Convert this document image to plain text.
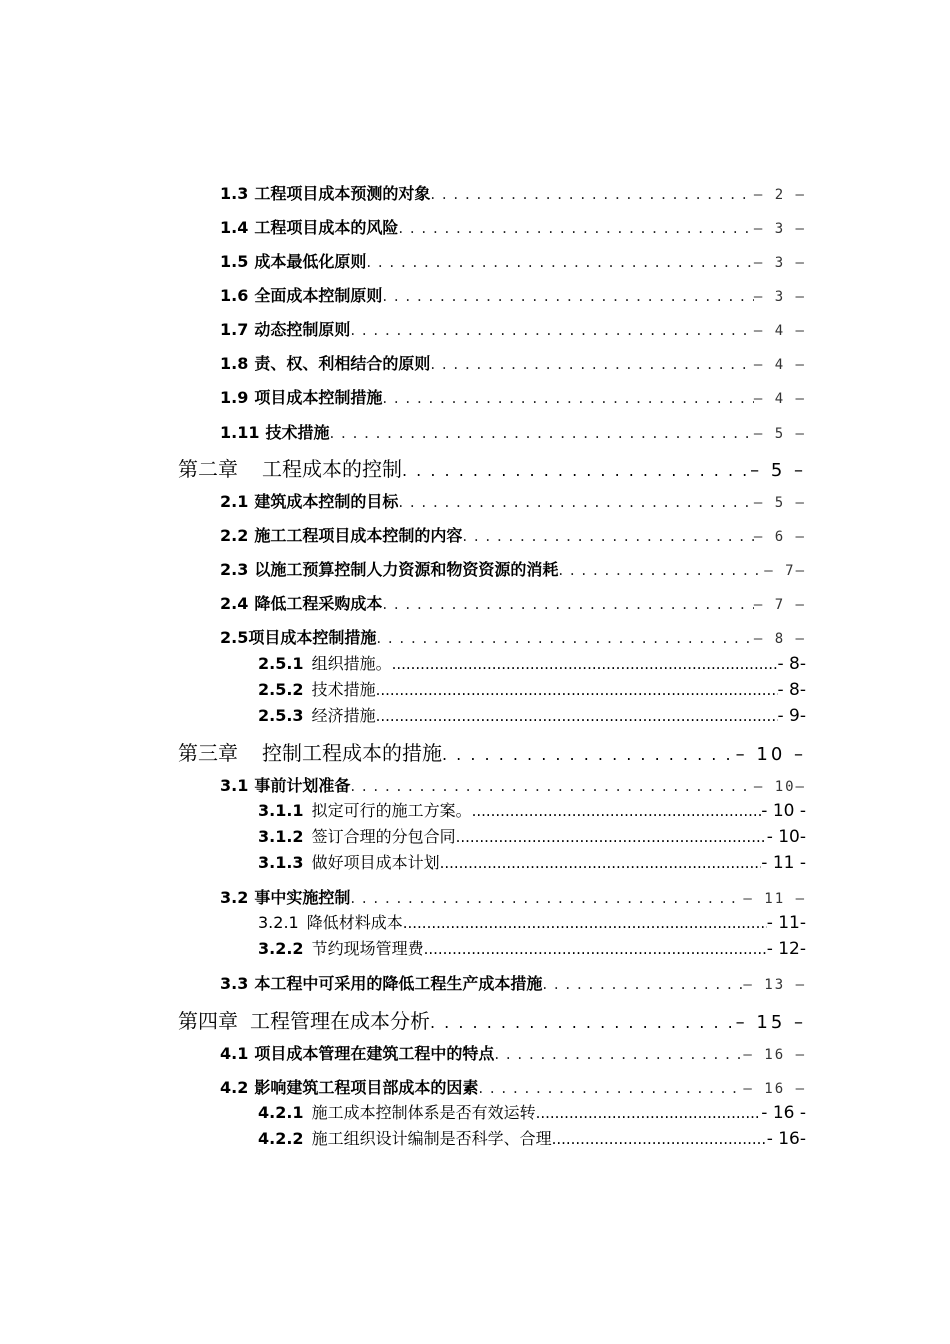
1.3 工程项目成本预测的对象 . . .	– 2 –
1.4 工程项目成本的风险 . . .	– 3 –
1.5 成本最低化原则 . . .	– 3 –
1.6 全面成本控制原则 . . .	– 3 –
1.7 动态控制原则 . . .	– 4 –
1.8 责、权、利相结合的原则 . . .	– 4 –
1.9 项目成本控制措施 . . .	– 4 –
1.11 技术措施 . . .	– 5 –
第二章 工程成本的控制 . . .	– 5 –
2.1 建筑成本控制的目标 . . .	– 5 –
2.2 施工工程项目成本控制的内容 . . .	– 6 –
2.3 以施工预算控制人力资源和物资资源的消耗 . . .	– 7–
2.4 降低工程采购成本 . . .	– 7 –
2.5 项目成本控制措施 . . .	– 8 –
2.5.1 组织措施。 .....	- 8-
2.5.2 技术措施 .....	- 8-
2.5.3 经济措施 .....	- 9-
第三章 控制工程成本的措施 . . .	– 10 –
3.1 事前计划准备 . . .	– 10–
3.1.1 拟定可行的施工方案。 .....	- 10 -
3.1.2 签订合理的分包合同 .....	- 10-
3.1.3 做好项目成本计划 .....	- 11 -
3.2 事中实施控制 . . .	– 11 –
3.2.1 降低材料成本 .....	- 11-
3.2.2 节约现场管理费 .....	- 12-
3.3 本工程中可采用的降低工程生产成本措施 . . .	– 13 –
第四章 工程管理在成本分析 . . .	– 15 –
4.1 项目成本管理在建筑工程中的特点 . . .	– 16 –
4.2 影响建筑工程项目部成本的因素 . . .	– 16 –
4.2.1 施工成本控制体系是否有效运转 .....	- 16 -
4.2.2 施工组织设计编制是否科学、合理 .....	- 16-
